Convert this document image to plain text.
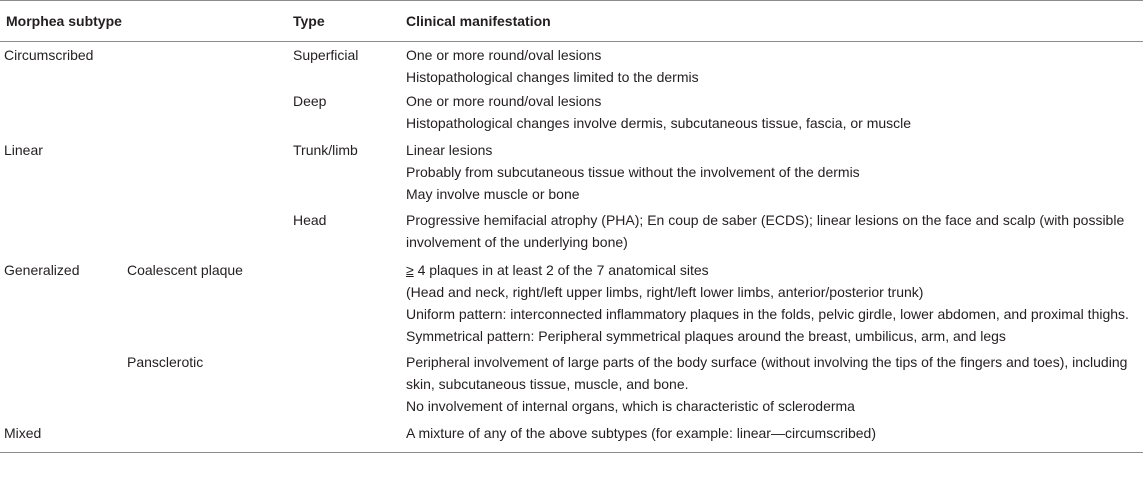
Morphea subtype		Type	Clinical manifestation
Circumscribed		Superficial	One or more round/oval lesions
Histopathological changes limited to the dermis

		Deep	One or more round/oval lesions
Histopathological changes involve dermis, subcutaneous tissue, fascia, or muscle

Linear		Trunk/limb	Linear lesions
Probably from subcutaneous tissue without the involvement of the dermis
May involve muscle or bone

		Head	Progressive hemifacial atrophy (PHA); En coup de saber (ECDS); linear lesions on the face and scalp (with possible involvement of the underlying bone)

Generalized	Coalescent plaque		≥ 4 plaques in at least 2 of the 7 anatomical sites
(Head and neck, right/left upper limbs, right/left lower limbs, anterior/posterior trunk)
Uniform pattern: interconnected inflammatory plaques in the folds, pelvic girdle, lower abdomen, and proximal thighs. Symmetrical pattern: Peripheral symmetrical plaques around the breast, umbilicus, arm, and legs

	Pansclerotic		Peripheral involvement of large parts of the body surface (without involving the tips of the fingers and toes), including skin, subcutaneous tissue, muscle, and bone.
No involvement of internal organs, which is characteristic of scleroderma

Mixed			A mixture of any of the above subtypes (for example: linear—circumscribed)
